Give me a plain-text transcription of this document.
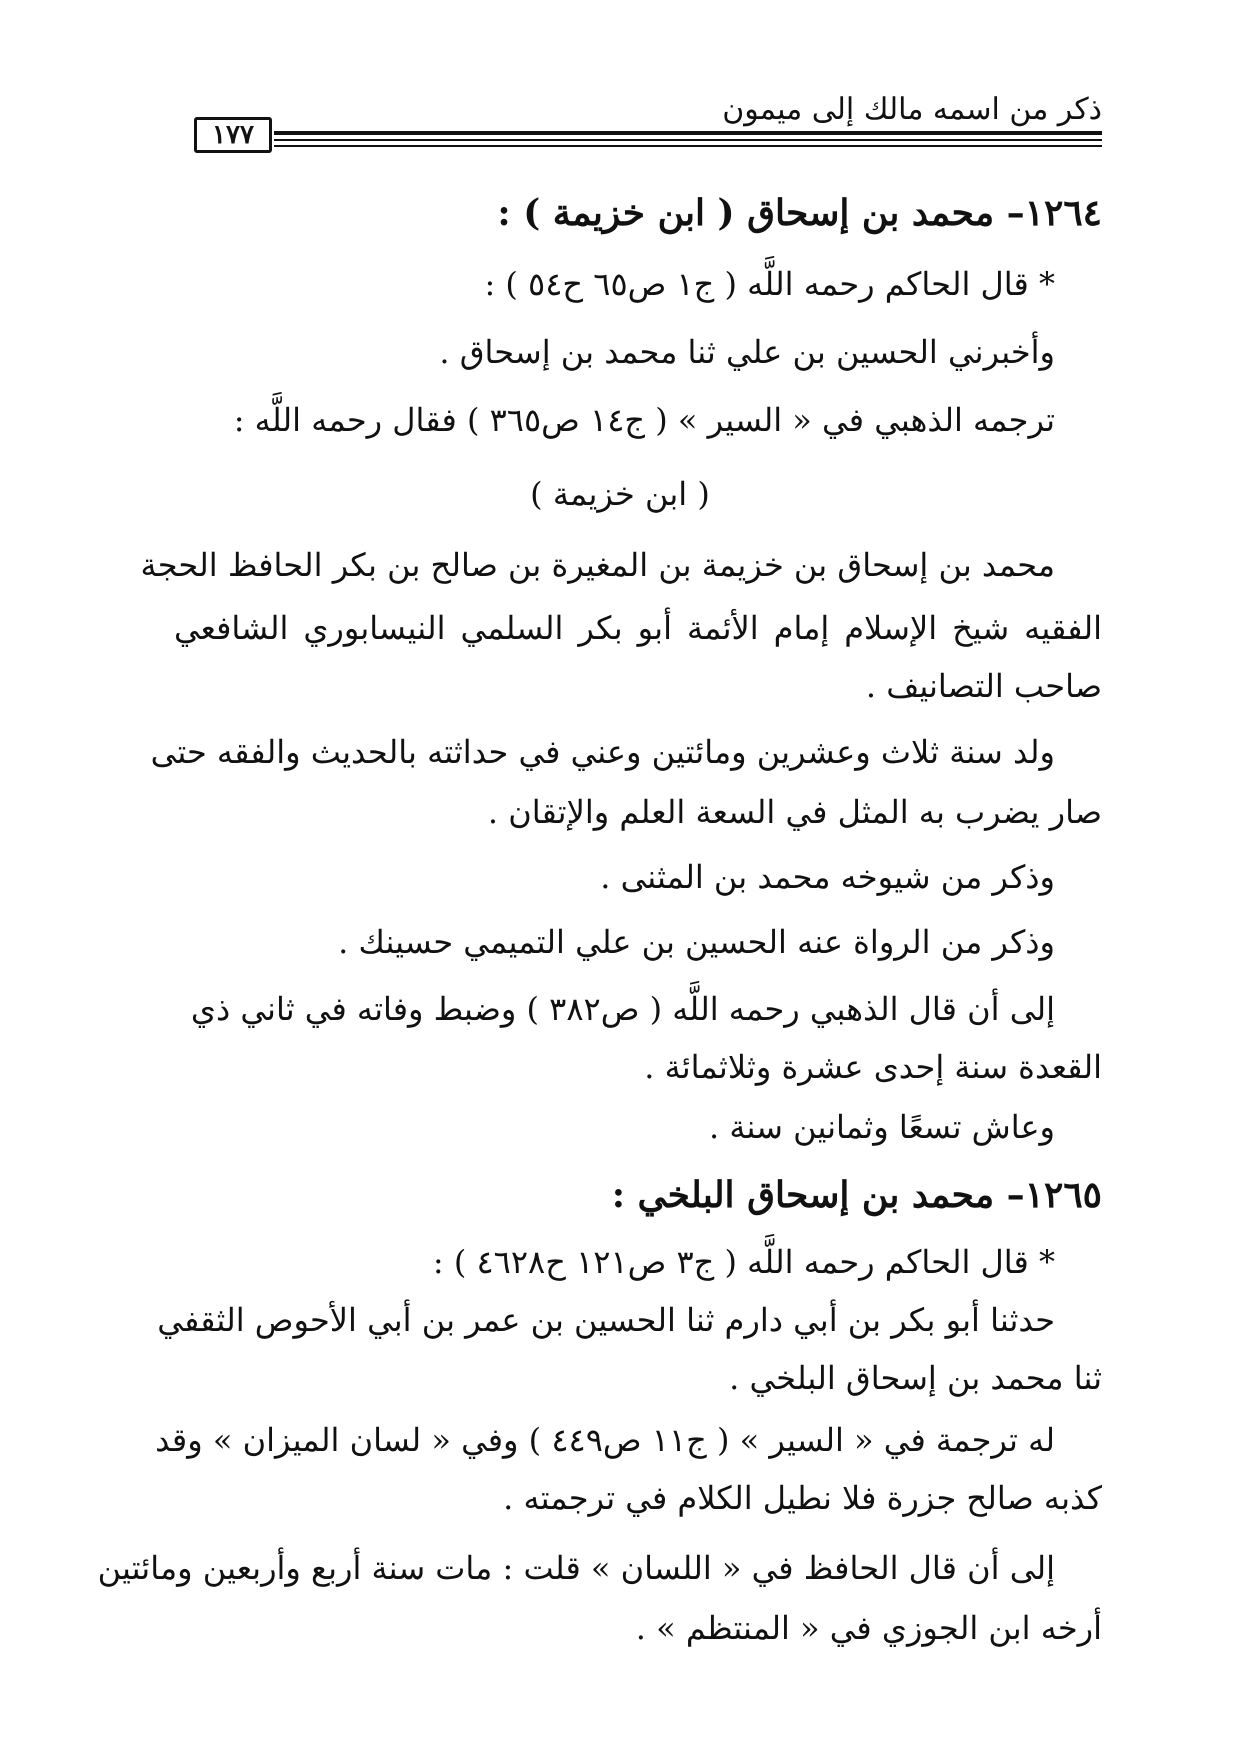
ذكر من اسمه مالك إلى ميمون
١٧٧
١٢٦٤– محمد بن إسحاق ( ابن خزيمة ) :
* قال الحاكم رحمه اللَّه ( ج١ ص٦٥ ح٥٤ ) :
وأخبرني الحسين بن علي ثنا محمد بن إسحاق .
ترجمه الذهبي في « السير » ( ج١٤ ص٣٦٥ ) فقال رحمه اللَّه :
( ابن خزيمة )
محمد بن إسحاق بن خزيمة بن المغيرة بن صالح بن بكر الحافظ الحجة
الفقيه شيخ الإسلام إمام الأئمة أبو بكر السلمي النيسابوري الشافعي
صاحب التصانيف .
ولد سنة ثلاث وعشرين ومائتين وعني في حداثته بالحديث والفقه حتى
صار يضرب به المثل في السعة العلم والإتقان .
وذكر من شيوخه محمد بن المثنى .
وذكر من الرواة عنه الحسين بن علي التميمي حسينك .
إلى أن قال الذهبي رحمه اللَّه ( ص٣٨٢ ) وضبط وفاته في ثاني ذي
القعدة سنة إحدى عشرة وثلاثمائة .
وعاش تسعًا وثمانين سنة .
١٢٦٥– محمد بن إسحاق البلخي :
* قال الحاكم رحمه اللَّه ( ج٣ ص١٢١ ح٤٦٢٨ ) :
حدثنا أبو بكر بن أبي دارم ثنا الحسين بن عمر بن أبي الأحوص الثقفي
ثنا محمد بن إسحاق البلخي .
له ترجمة في « السير » ( ج١١ ص٤٤٩ ) وفي « لسان الميزان » وقد
كذبه صالح جزرة فلا نطيل الكلام في ترجمته .
إلى أن قال الحافظ في « اللسان » قلت : مات سنة أربع وأربعين ومائتين
أرخه ابن الجوزي في « المنتظم » .
